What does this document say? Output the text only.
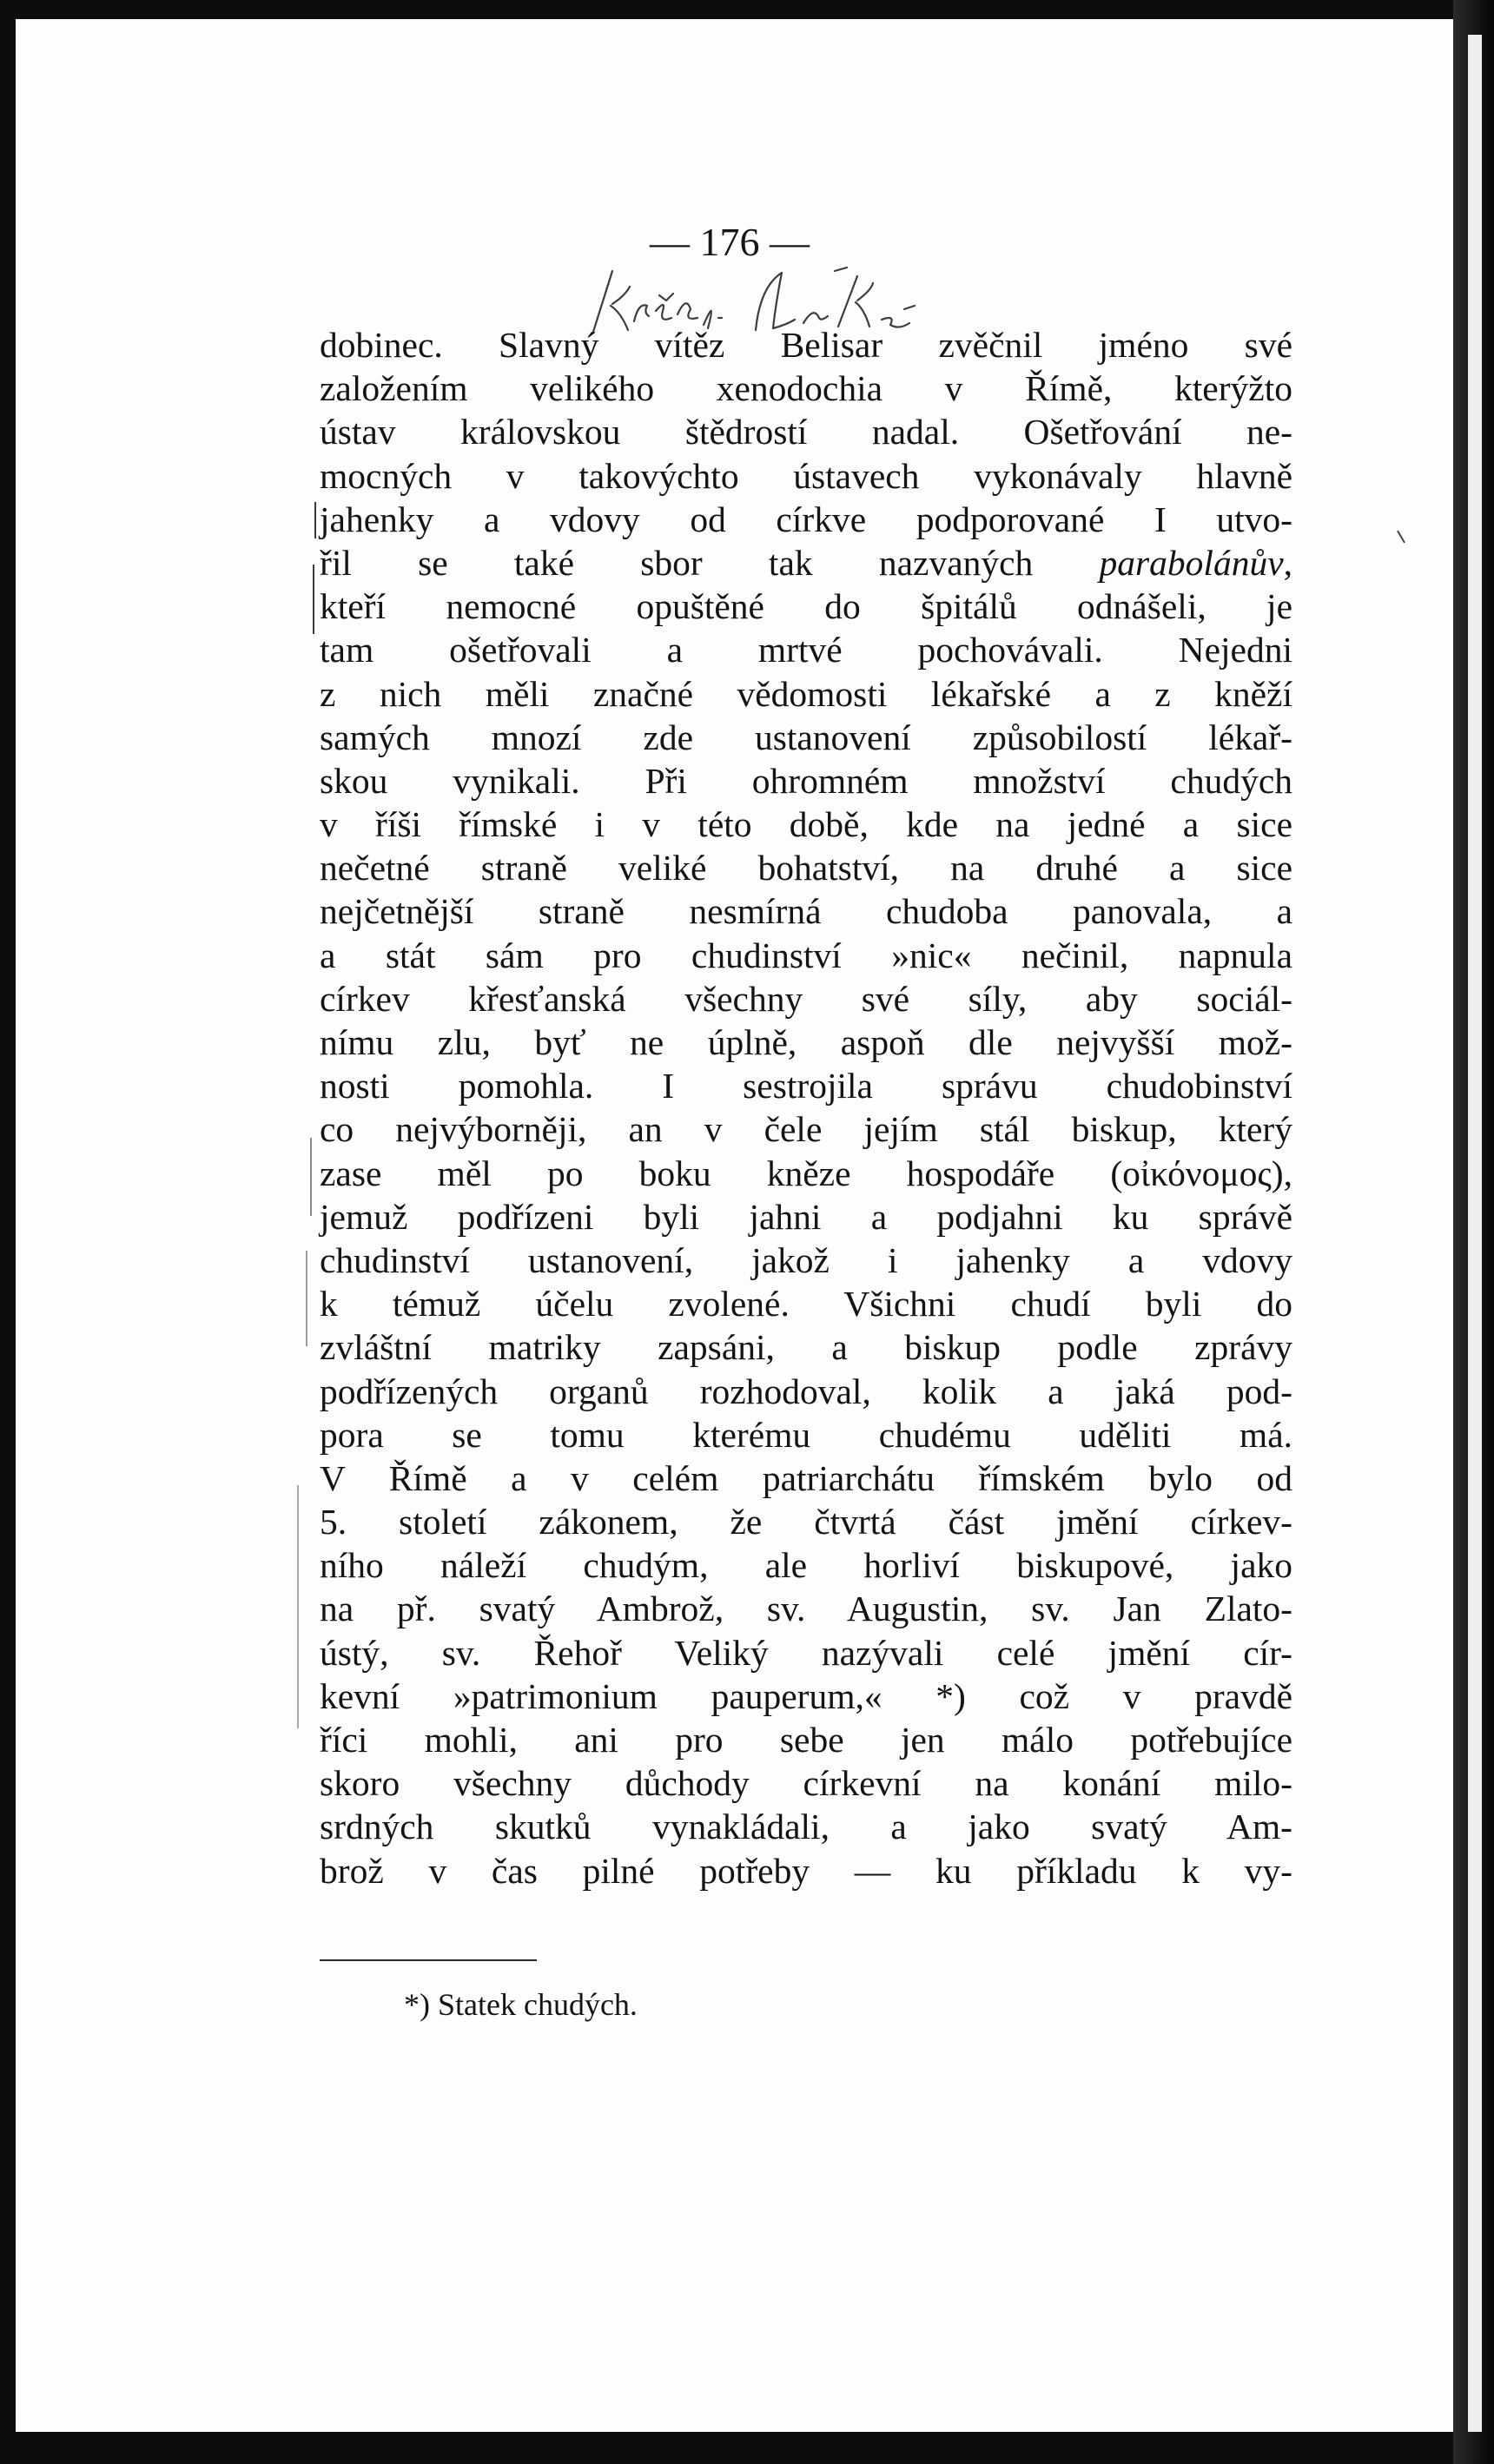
— 176 —
dobinec. Slavný vítěz Belisar zvěčnil jméno své
založením velikého xenodochia v Římě, kterýžto
ústav královskou štědrostí nadal. Ošetřování ne-
mocných v takovýchto ústavech vykonávaly hlavně
jahenky a vdovy od církve podporované I utvo-
řil se také sbor tak nazvaných parabolánův,
kteří nemocné opuštěné do špitálů odnášeli, je
tam ošetřovali a mrtvé pochovávali. Nejedni
z nich měli značné vědomosti lékařské a z kněží
samých mnozí zde ustanovení způsobilostí lékař-
skou vynikali. Při ohromném množství chudých
v říši římské i v této době, kde na jedné a sice
nečetné straně veliké bohatství, na druhé a sice
nejčetnější straně nesmírná chudoba panovala, a
a stát sám pro chudinství »nic« nečinil, napnula
církev křesťanská všechny své síly, aby sociál-
nímu zlu, byť ne úplně, aspoň dle nejvyšší mož-
nosti pomohla. I sestrojila správu chudobinství
co nejvýborněji, an v čele jejím stál biskup, který
zase měl po boku kněze hospodáře (οἰκόνομος),
jemuž podřízeni byli jahni a podjahni ku správě
chudinství ustanovení, jakož i jahenky a vdovy
k témuž účelu zvolené. Všichni chudí byli do
zvláštní matriky zapsáni, a biskup podle zprávy
podřízených organů rozhodoval, kolik a jaká pod-
pora se tomu kterému chudému uděliti má.
V Římě a v celém patriarchátu římském bylo od
5. století zákonem, že čtvrtá část jmění církev-
ního náleží chudým, ale horliví biskupové, jako
na př. svatý Ambrož, sv. Augustin, sv. Jan Zlato-
ústý, sv. Řehoř Veliký nazývali celé jmění cír-
kevní »patrimonium pauperum,« *) což v pravdě
říci mohli, ani pro sebe jen málo potřebujíce
skoro všechny důchody církevní na konání milo-
srdných skutků vynakládali, a jako svatý Am-
brož v čas pilné potřeby — ku příkladu k vy-
*) Statek chudých.
